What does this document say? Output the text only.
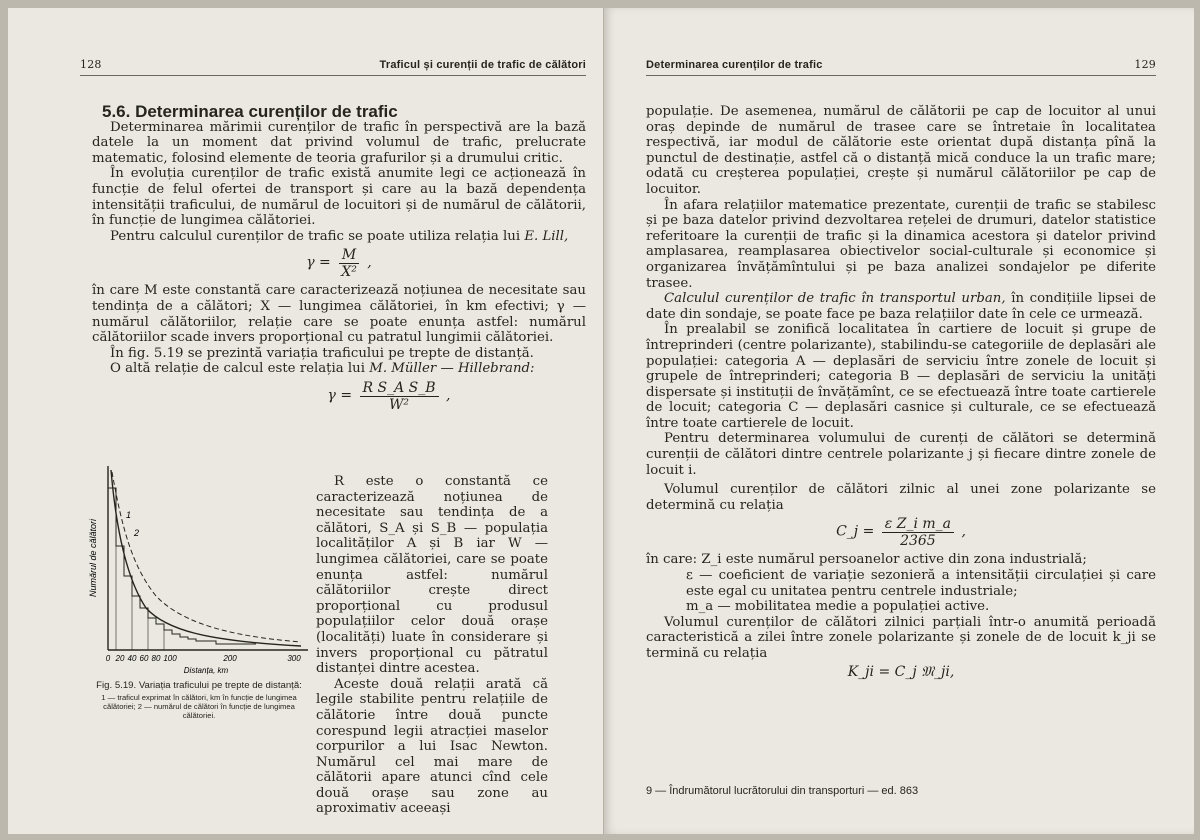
128	Traficul și curenții de trafic de călători

5.6. Determinarea curenților de trafic

Determinarea mărimii curenților de trafic în perspectivă are la bază datele la un moment dat privind volumul de trafic, prelucrate matematic, folosind elemente de teoria grafurilor și a drumului critic.

În evoluția curenților de trafic există anumite legi ce acționează în funcție de felul ofertei de transport și care au la bază dependența intensității traficului, de numărul de locuitori și de numărul de călătorii, în funcție de lungimea călătoriei.

Pentru calculul curenților de trafic se poate utiliza relația lui E. Lill,

$\gamma = \frac{M}{\text{X²}}$ ,

în care M este constantă care caracterizează noțiunea de necesitate sau tendința de a călători; X — lungimea călătoriei, în km efectivi; γ — numărul călătoriilor, relație care se poate enunța astfel: numărul călătoriilor scade invers proporțional cu patratul lungimii călătoriei.

În fig. 5.19 se prezintă variația traficului pe trepte de distanță.

O altă relație de calcul este relația lui M. Müller — Hillebrand:

$\gamma = \frac{\text{R S\_A S\_B}}{\text{W²}}$ ,
Numărul de călători
1
2
0 20 40 60 80 100	200	300
Distanța, km
Fig. 5.19. Variația traficului pe trepte de distanță:
1 — traficul exprimat în călători, km în funcție de lungimea călătoriei; 2 — numărul de călători în funcție de lungimea călătoriei.

R este o constantă ce caracterizează noțiunea de necesitate sau tendința de a călători, S_A și S_B — populația localităților A și B iar W — lungimea călătoriei, care se poate enunța astfel: numărul călătoriilor crește direct proporțional cu produsul populațiilor celor două orașe (localități) luate în considerare și invers proporțional cu pătratul distanței dintre acestea.

Aceste două relații arată că legile stabilite pentru relațiile de călătorie între două puncte corespund legii atracției maselor corpurilor a lui Isac Newton. Numărul cel mai mare de călătorii apare atunci cînd cele două orașe sau zone au aproximativ aceeași

Determinarea curenților de trafic	129

populație. De asemenea, numărul de călătorii pe cap de locuitor al unui oraș depinde de numărul de trasee care se întretaie în localitatea respectivă, iar modul de călătorie este orientat după distanța pînă la punctul de destinație, astfel că o distanță mică conduce la un trafic mare; odată cu creșterea populației, crește și numărul călătoriilor pe cap de locuitor.

În afara relațiilor matematice prezentate, curenții de trafic se stabilesc și pe baza datelor privind dezvoltarea rețelei de drumuri, datelor statistice referitoare la curenții de trafic și la dinamica acestora și datelor privind amplasarea, reamplasarea obiectivelor social-culturale și economice și organizarea învățămîntului și pe baza analizei sondajelor pe diferite trasee.

Calculul curenților de trafic în transportul urban, în condițiile lipsei de date din sondaje, se poate face pe baza relațiilor date în cele ce urmează.

În prealabil se zonifică localitatea în cartiere de locuit și grupe de întreprinderi (centre polarizante), stabilindu-se categoriile de deplasări ale populației: categoria A — deplasări de serviciu între zonele de locuit și grupele de întreprinderi; categoria B — deplasări de serviciu la unități dispersate și instituții de învățămînt, ce se efectuează între toate cartierele de locuit; categoria C — deplasări casnice și culturale, ce se efectuează între toate cartierele de locuit.

Pentru determinarea volumului de curenți de călători se determină curenții de călători dintre centrele polarizante j și fiecare dintre zonele de locuit i.

Volumul curenților de călători zilnic al unei zone polarizante se determină cu relația

C_j = $\frac{\text{ε Z\_i m\_a}}{2365}$ ,

în care: Z_i este numărul persoanelor active din zona industrială;

ε — coeficient de variație sezonieră a intensității circulației și care este egal cu unitatea pentru centrele industriale;

m_a — mobilitatea medie a populației active.

Volumul curenților de călători zilnici parțiali într-o anumită perioadă caracteristică a zilei între zonele polarizante și zonele de de locuit k_ji se termină cu relația

K_ji = C_j 𝔐_ji,
9 — Îndrumătorul lucrătorului din transporturi — ed. 863
